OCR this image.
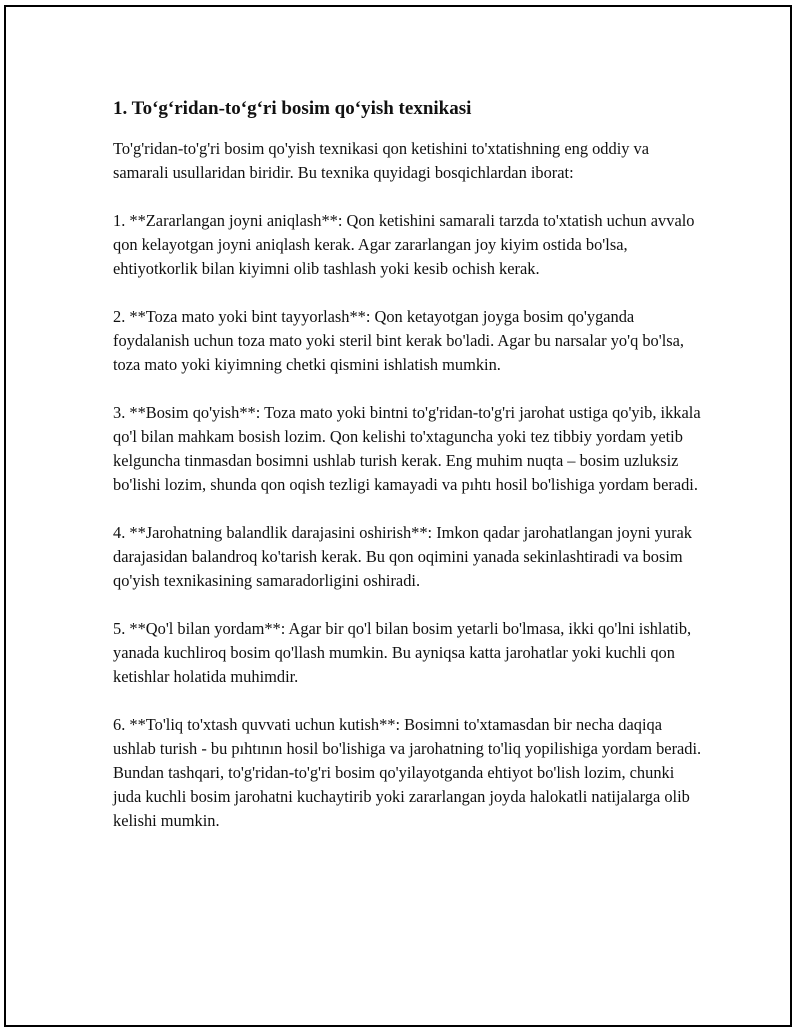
1. To‘g‘ridan-to‘g‘ri bosim qo‘yish texnikasi

To'g'ridan-to'g'ri bosim qo'yish texnikasi qon ketishini to'xtatishning eng oddiy va samarali usullaridan biridir. Bu texnika quyidagi bosqichlardan iborat:

1. **Zararlangan joyni aniqlash**: Qon ketishini samarali tarzda to'xtatish uchun avvalo qon kelayotgan joyni aniqlash kerak. Agar zararlangan joy kiyim ostida bo'lsa, ehtiyotkorlik bilan kiyimni olib tashlash yoki kesib ochish kerak.

2. **Toza mato yoki bint tayyorlash**: Qon ketayotgan joyga bosim qo'yganda foydalanish uchun toza mato yoki steril bint kerak bo'ladi. Agar bu narsalar yo'q bo'lsa, toza mato yoki kiyimning chetki qismini ishlatish mumkin.

3. **Bosim qo'yish**: Toza mato yoki bintni to'g'ridan-to'g'ri jarohat ustiga qo'yib, ikkala qo'l bilan mahkam bosish lozim. Qon kelishi to'xtaguncha yoki tez tibbiy yordam yetib kelguncha tinmasdan bosimni ushlab turish kerak. Eng muhim nuqta – bosim uzluksiz bo'lishi lozim, shunda qon oqish tezligi kamayadi va pıhtı hosil bo'lishiga yordam beradi.

4. **Jarohatning balandlik darajasini oshirish**: Imkon qadar jarohatlangan joyni yurak darajasidan balandroq ko'tarish kerak. Bu qon oqimini yanada sekinlashtiradi va bosim qo'yish texnikasining samaradorligini oshiradi.

5. **Qo'l bilan yordam**: Agar bir qo'l bilan bosim yetarli bo'lmasa, ikki qo'lni ishlatib, yanada kuchliroq bosim qo'llash mumkin. Bu ayniqsa katta jarohatlar yoki kuchli qon ketishlar holatida muhimdir.

6. **To'liq to'xtash quvvati uchun kutish**: Bosimni to'xtamasdan bir necha daqiqa ushlab turish - bu pıhtının hosil bo'lishiga va jarohatning to'liq yopilishiga yordam beradi. Bundan tashqari, to'g'ridan-to'g'ri bosim qo'yilayotganda ehtiyot bo'lish lozim, chunki juda kuchli bosim jarohatni kuchaytirib yoki zararlangan joyda halokatli natijalarga olib kelishi mumkin.
